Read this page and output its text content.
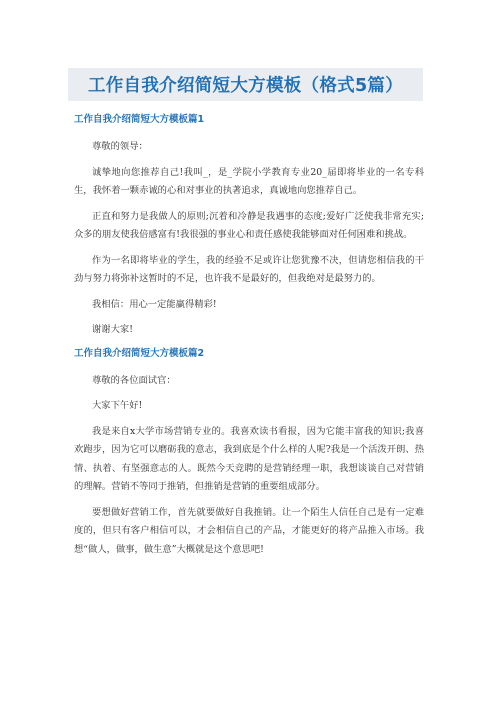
工作自我介绍简短大方模板（格式5篇）
工作自我介绍简短大方模板篇1

尊敬的领导：

诚挚地向您推荐自己!我叫_，是_学院小学教育专业20_届即将毕业的一名专科生，我怀着一颗赤诚的心和对事业的执著追求，真诚地向您推荐自己。

正直和努力是我做人的原则;沉着和冷静是我遇事的态度;爱好广泛使我非常充实;众多的朋友使我倍感富有!我很强的事业心和责任感使我能够面对任何困难和挑战。

作为一名即将毕业的学生，我的经验不足或许让您犹豫不决，但请您相信我的干劲与努力将弥补这暂时的不足，也许我不是最好的，但我绝对是最努力的。

我相信：用心一定能赢得精彩!

谢谢大家!

工作自我介绍简短大方模板篇2

尊敬的各位面试官：

大家下午好!

我是来自x大学市场营销专业的。我喜欢读书看报，因为它能丰富我的知识;我喜欢跑步，因为它可以磨砺我的意志，我到底是个什么样的人呢?我是一个活泼开朗、热情、执着、有坚强意志的人。既然今天竞聘的是营销经理一职，我想谈谈自己对营销的理解。营销不等同于推销，但推销是营销的重要组成部分。

要想做好营销工作，首先就要做好自我推销。让一个陌生人信任自己是有一定难度的，但只有客户相信可以，才会相信自己的产品，才能更好的将产品推入市场。我想“做人，做事，做生意”大概就是这个意思吧!
